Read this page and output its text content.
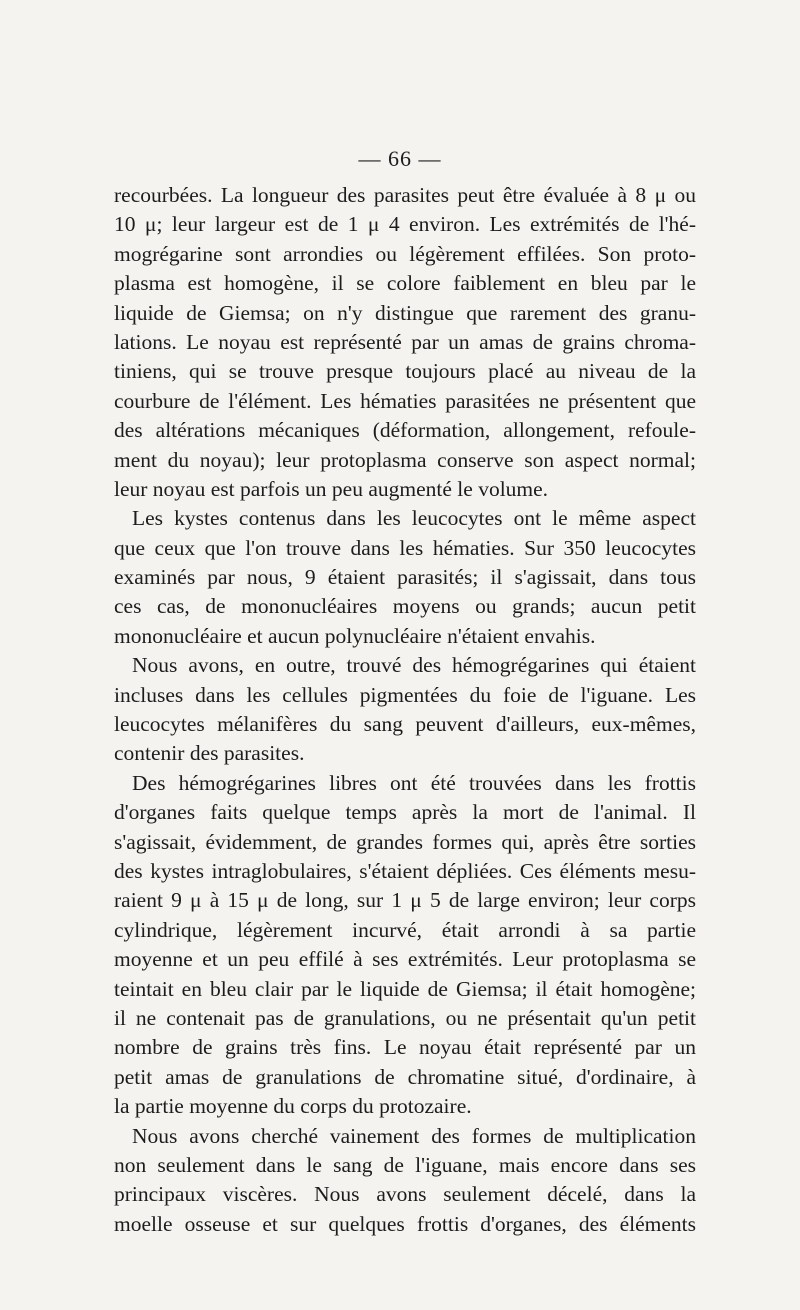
— 66 —
recourbées. La longueur des parasites peut être évaluée à 8 μ ou
10 μ; leur largeur est de 1 μ 4 environ. Les extrémités de l'hé-
mogrégarine sont arrondies ou légèrement effilées. Son proto-
plasma est homogène, il se colore faiblement en bleu par le
liquide de Giemsa; on n'y distingue que rarement des granu-
lations. Le noyau est représenté par un amas de grains chroma-
tiniens, qui se trouve presque toujours placé au niveau de la
courbure de l'élément. Les hématies parasitées ne présentent que
des altérations mécaniques (déformation, allongement, refoule-
ment du noyau); leur protoplasma conserve son aspect normal;
leur noyau est parfois un peu augmenté le volume.
Les kystes contenus dans les leucocytes ont le même aspect
que ceux que l'on trouve dans les hématies. Sur 350 leucocytes
examinés par nous, 9 étaient parasités; il s'agissait, dans tous
ces cas, de mononucléaires moyens ou grands; aucun petit
mononucléaire et aucun polynucléaire n'étaient envahis.
Nous avons, en outre, trouvé des hémogrégarines qui étaient
incluses dans les cellules pigmentées du foie de l'iguane. Les
leucocytes mélanifères du sang peuvent d'ailleurs, eux-mêmes,
contenir des parasites.
Des hémogrégarines libres ont été trouvées dans les frottis
d'organes faits quelque temps après la mort de l'animal. Il
s'agissait, évidemment, de grandes formes qui, après être sorties
des kystes intraglobulaires, s'étaient dépliées. Ces éléments mesu-
raient 9 μ à 15 μ de long, sur 1 μ 5 de large environ; leur corps
cylindrique, légèrement incurvé, était arrondi à sa partie
moyenne et un peu effilé à ses extrémités. Leur protoplasma se
teintait en bleu clair par le liquide de Giemsa; il était homogène;
il ne contenait pas de granulations, ou ne présentait qu'un petit
nombre de grains très fins. Le noyau était représenté par un
petit amas de granulations de chromatine situé, d'ordinaire, à
la partie moyenne du corps du protozaire.
Nous avons cherché vainement des formes de multiplication
non seulement dans le sang de l'iguane, mais encore dans ses
principaux viscères. Nous avons seulement décelé, dans la
moelle osseuse et sur quelques frottis d'organes, des éléments
